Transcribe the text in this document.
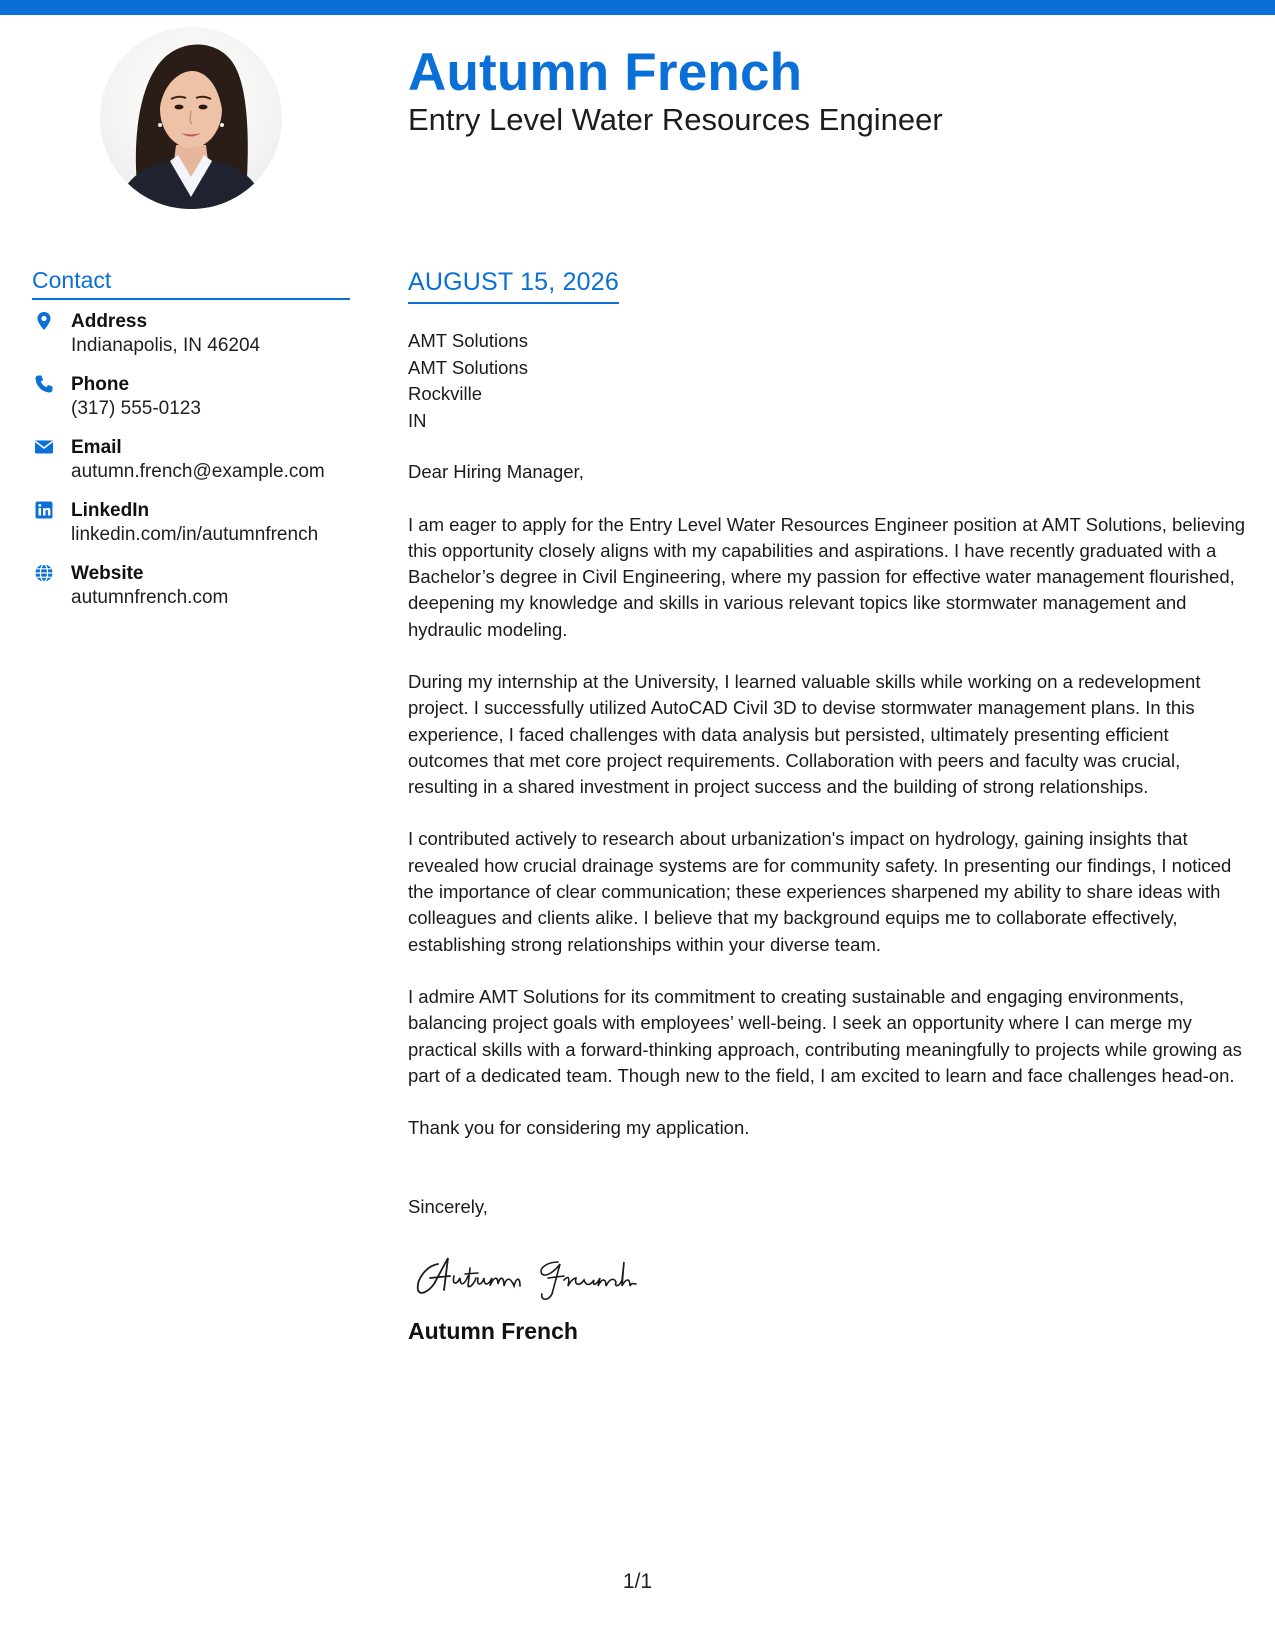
Autumn French
Entry Level Water Resources Engineer
Contact
Address
Indianapolis, IN 46204
Phone
(317) 555-0123
Email
autumn.french@example.com
LinkedIn
linkedin.com/in/autumnfrench
Website
autumnfrench.com
AUGUST 15, 2026
AMT Solutions
AMT Solutions
Rockville
IN
Dear Hiring Manager,
I am eager to apply for the Entry Level Water Resources Engineer position at AMT Solutions, believing this opportunity closely aligns with my capabilities and aspirations. I have recently graduated with a Bachelor’s degree in Civil Engineering, where my passion for effective water management flourished, deepening my knowledge and skills in various relevant topics like stormwater management and hydraulic modeling.
During my internship at the University, I learned valuable skills while working on a redevelopment project. I successfully utilized AutoCAD Civil 3D to devise stormwater management plans. In this experience, I faced challenges with data analysis but persisted, ultimately presenting efficient outcomes that met core project requirements. Collaboration with peers and faculty was crucial, resulting in a shared investment in project success and the building of strong relationships.
I contributed actively to research about urbanization's impact on hydrology, gaining insights that revealed how crucial drainage systems are for community safety. In presenting our findings, I noticed the importance of clear communication; these experiences sharpened my ability to share ideas with colleagues and clients alike. I believe that my background equips me to collaborate effectively, establishing strong relationships within your diverse team.
I admire AMT Solutions for its commitment to creating sustainable and engaging environments, balancing project goals with employees’ well-being. I seek an opportunity where I can merge my practical skills with a forward-thinking approach, contributing meaningfully to projects while growing as part of a dedicated team. Though new to the field, I am excited to learn and face challenges head-on.
Thank you for considering my application.
Sincerely,
Autumn French
1/1
